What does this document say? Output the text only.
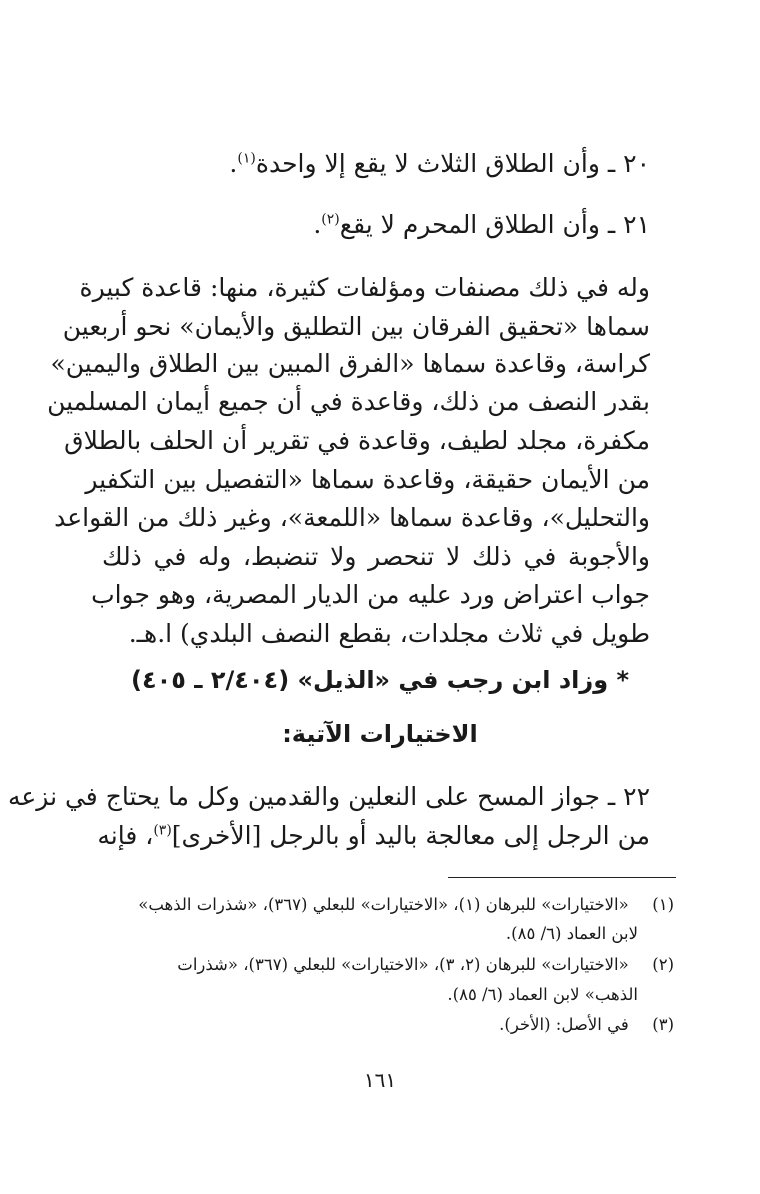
٢٠ ـ وأن الطلاق الثلاث لا يقع إلا واحدة$^{(١)}$.
٢١ ـ وأن الطلاق المحرم لا يقع$^{(٢)}$.
وله في ذلك مصنفات ومؤلفات كثيرة، منها: قاعدة كبيرة
سماها «تحقيق الفرقان بين التطليق والأيمان» نحو أربعين
كراسة، وقاعدة سماها «الفرق المبين بين الطلاق واليمين»
بقدر النصف من ذلك، وقاعدة في أن جميع أيمان المسلمين
مكفرة، مجلد لطيف، وقاعدة في تقرير أن الحلف بالطلاق
من الأيمان حقيقة، وقاعدة سماها «التفصيل بين التكفير
والتحليل»، وقاعدة سماها «اللمعة»، وغير ذلك من القواعد
والأجوبة في ذلك لا تنحصر ولا تنضبط، وله في ذلك
جواب اعتراض ورد عليه من الديار المصرية، وهو جواب
طويل في ثلاث مجلدات، بقطع النصف البلدي) ا.هـ.
* وزاد ابن رجب في «الذيل» (٢/٤٠٤ ـ ٤٠٥)
الاختيارات الآتية:
٢٢ ـ جواز المسح على النعلين والقدمين وكل ما يحتاج في نزعه
من الرجل إلى معالجة باليد أو بالرجل [الأخرى]$^{(٣)}$، فإنه
(١) «الاختيارات» للبرهان (١)، «الاختيارات» للبعلي (٣٦٧)، «شذرات الذهب»
لابن العماد (٦/ ٨٥).
(٢) «الاختيارات» للبرهان (٢، ٣)، «الاختيارات» للبعلي (٣٦٧)، «شذرات
الذهب» لابن العماد (٦/ ٨٥).
(٣) في الأصل: (الأخر).
١٦١
